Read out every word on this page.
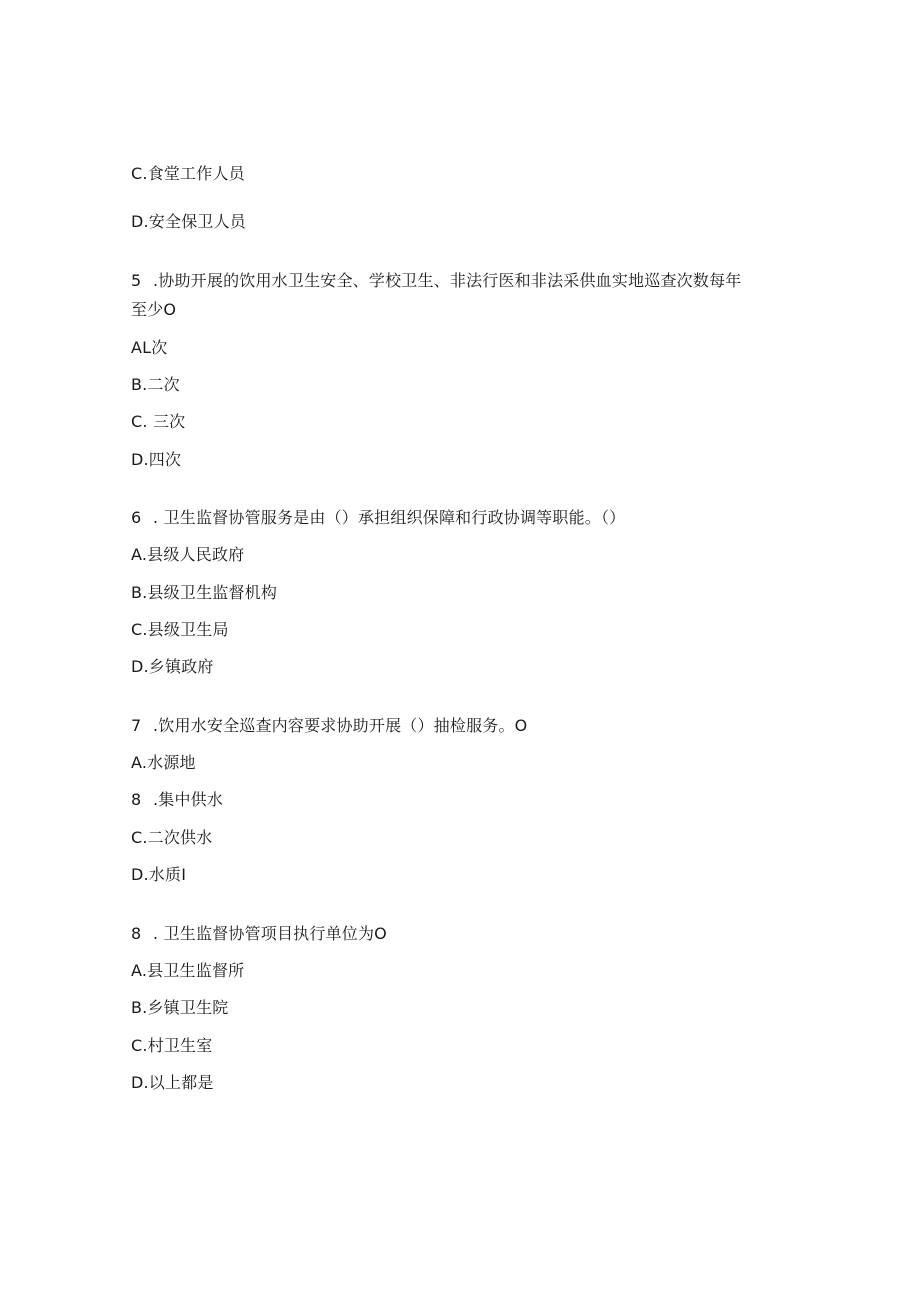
C.食堂工作人员
D.安全保卫人员
5 .协助开展的饮用水卫生安全、学校卫生、非法行医和非法采供血实地巡查次数每年
至少O
AL次
B.二次
C. 三次
D.四次
6 . 卫生监督协管服务是由（）承担组织保障和行政协调等职能。（）
A.县级人民政府
B.县级卫生监督机构
C.县级卫生局
D.乡镇政府
7 .饮用水安全巡查内容要求协助开展（）抽检服务。O
A.水源地
8 .集中供水
C.二次供水
D.水质I
8 . 卫生监督协管项目执行单位为O
A.县卫生监督所
B.乡镇卫生院
C.村卫生室
D.以上都是
